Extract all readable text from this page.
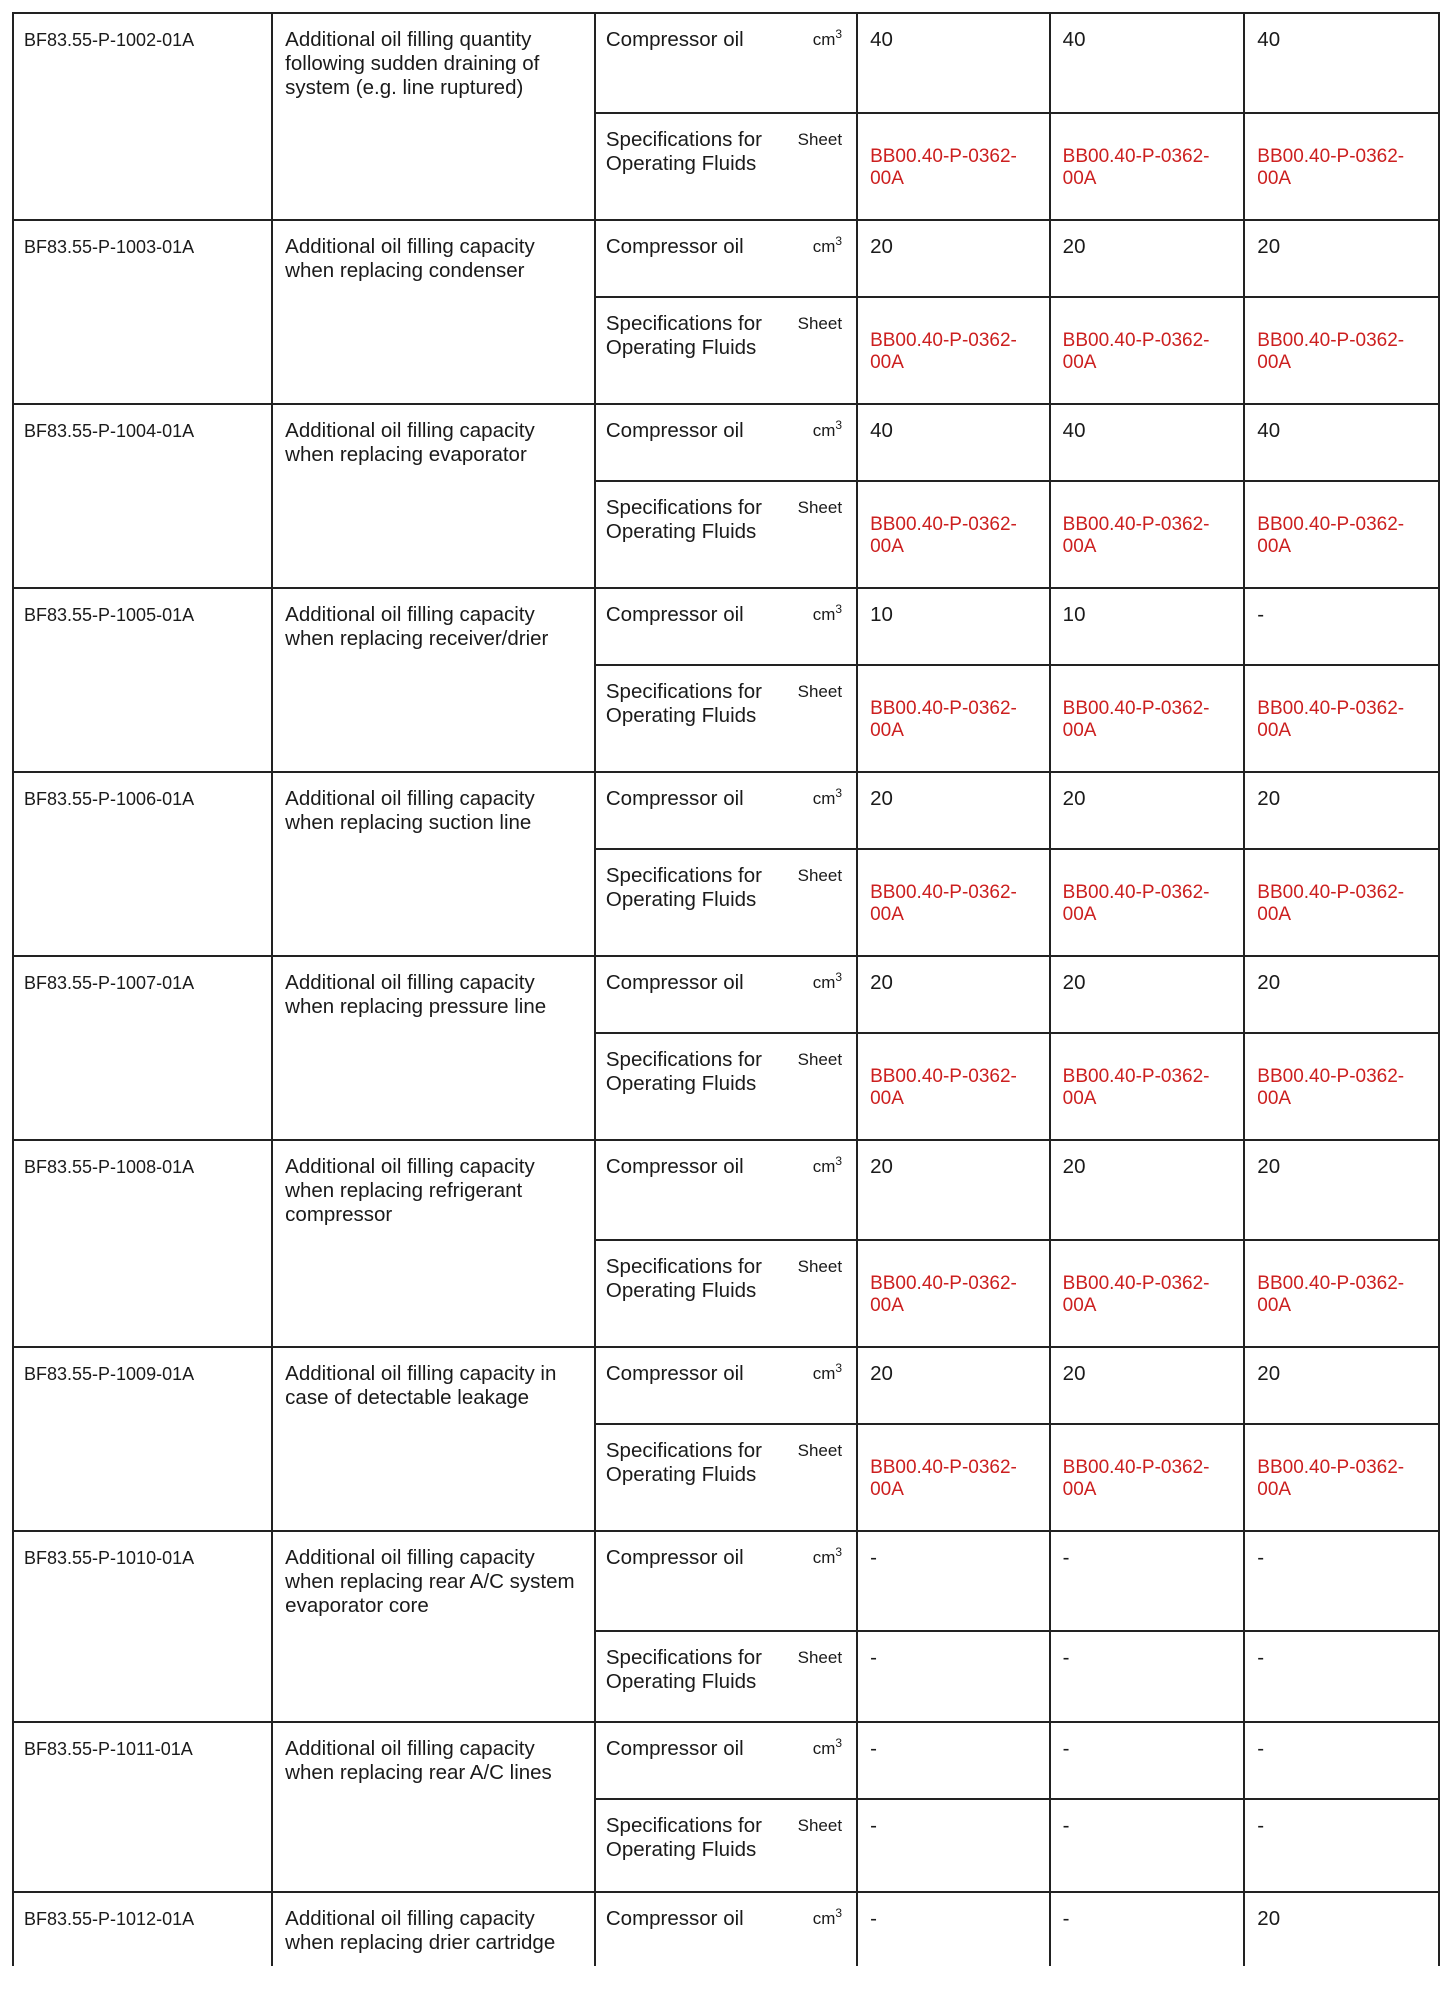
BF83.55-P-1002-01A	Additional oil filling quantity following sudden draining of system (e.g. line ruptured)	Compressor oil	$cm^3$	40	40	40
		Specifications for Operating Fluids	Sheet	BB00.40-P-0362-00A	BB00.40-P-0362-00A	BB00.40-P-0362-00A
BF83.55-P-1003-01A	Additional oil filling capacity when replacing condenser	Compressor oil	$cm^3$	20	20	20
		Specifications for Operating Fluids	Sheet	BB00.40-P-0362-00A	BB00.40-P-0362-00A	BB00.40-P-0362-00A
BF83.55-P-1004-01A	Additional oil filling capacity when replacing evaporator	Compressor oil	$cm^3$	40	40	40
		Specifications for Operating Fluids	Sheet	BB00.40-P-0362-00A	BB00.40-P-0362-00A	BB00.40-P-0362-00A
BF83.55-P-1005-01A	Additional oil filling capacity when replacing receiver/drier	Compressor oil	$cm^3$	10	10	-
		Specifications for Operating Fluids	Sheet	BB00.40-P-0362-00A	BB00.40-P-0362-00A	BB00.40-P-0362-00A
BF83.55-P-1006-01A	Additional oil filling capacity when replacing suction line	Compressor oil	$cm^3$	20	20	20
		Specifications for Operating Fluids	Sheet	BB00.40-P-0362-00A	BB00.40-P-0362-00A	BB00.40-P-0362-00A
BF83.55-P-1007-01A	Additional oil filling capacity when replacing pressure line	Compressor oil	$cm^3$	20	20	20
		Specifications for Operating Fluids	Sheet	BB00.40-P-0362-00A	BB00.40-P-0362-00A	BB00.40-P-0362-00A
BF83.55-P-1008-01A	Additional oil filling capacity when replacing refrigerant compressor	Compressor oil	$cm^3$	20	20	20
		Specifications for Operating Fluids	Sheet	BB00.40-P-0362-00A	BB00.40-P-0362-00A	BB00.40-P-0362-00A
BF83.55-P-1009-01A	Additional oil filling capacity in case of detectable leakage	Compressor oil	$cm^3$	20	20	20
		Specifications for Operating Fluids	Sheet	BB00.40-P-0362-00A	BB00.40-P-0362-00A	BB00.40-P-0362-00A
BF83.55-P-1010-01A	Additional oil filling capacity when replacing rear A/C system evaporator core	Compressor oil	$cm^3$	-	-	-
		Specifications for Operating Fluids	Sheet	-	-	-
BF83.55-P-1011-01A	Additional oil filling capacity when replacing rear A/C lines	Compressor oil	$cm^3$	-	-	-
		Specifications for Operating Fluids	Sheet	-	-	-
BF83.55-P-1012-01A	Additional oil filling capacity when replacing drier cartridge	Compressor oil	$cm^3$	-	-	20
